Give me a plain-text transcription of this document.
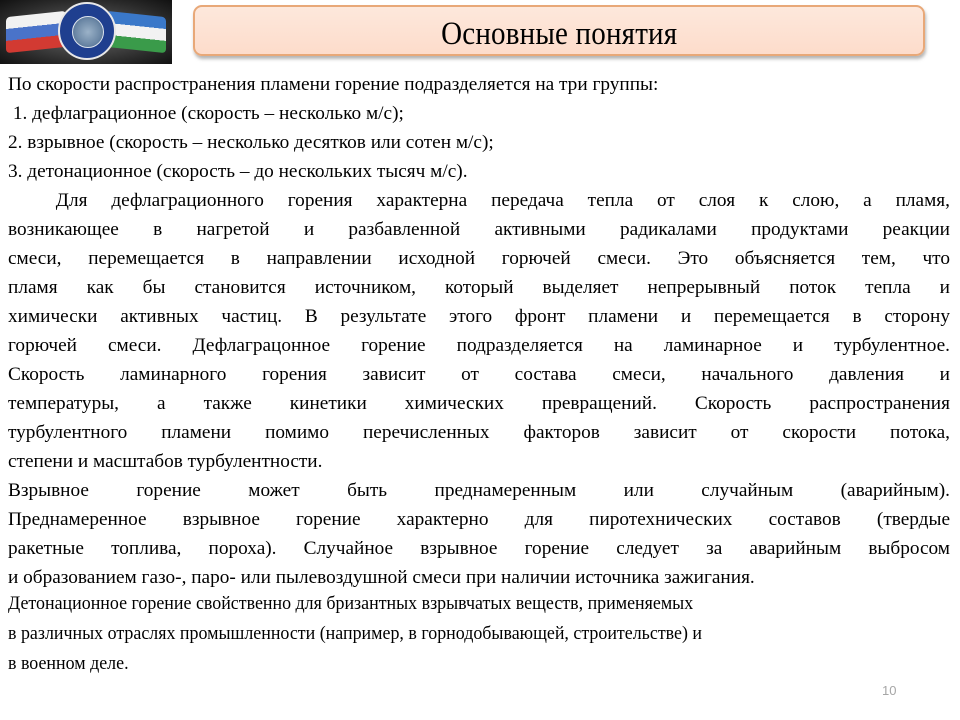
Основные понятия
По скорости распространения пламени горение подразделяется на три группы:
1. дефлаграционное (скорость – несколько м/с);
2. взрывное (скорость – несколько десятков или сотен м/с);
3. детонационное (скорость – до нескольких тысяч м/с).
Для дефлаграционного горения характерна передача тепла от слоя к слою, а пламя,
возникающее в нагретой и разбавленной активными радикалами продуктами реакции
смеси, перемещается в направлении исходной горючей смеси. Это объясняется тем, что
пламя как бы становится источником, который выделяет непрерывный поток тепла и
химически активных частиц. В результате этого фронт пламени и перемещается в сторону
горючей смеси. Дефлаграцонное горение подразделяется на ламинарное и турбулентное.
Скорость ламинарного горения зависит от состава смеси, начального давления и
температуры, а также кинетики химических превращений. Скорость распространения
турбулентного пламени помимо перечисленных факторов зависит от скорости потока,
степени и масштабов турбулентности.
Взрывное горение может быть преднамеренным или случайным (аварийным).
Преднамеренное взрывное горение характерно для пиротехнических составов (твердые
ракетные топлива, пороха). Случайное взрывное горение следует за аварийным выбросом
и образованием газо-, паро- или пылевоздушной смеси при наличии источника зажигания.
Детонационное горение свойственно для бризантных взрывчатых веществ, применяемых
в различных отраслях промышленности (например, в горнодобывающей, строительстве) и
в военном деле.
10
